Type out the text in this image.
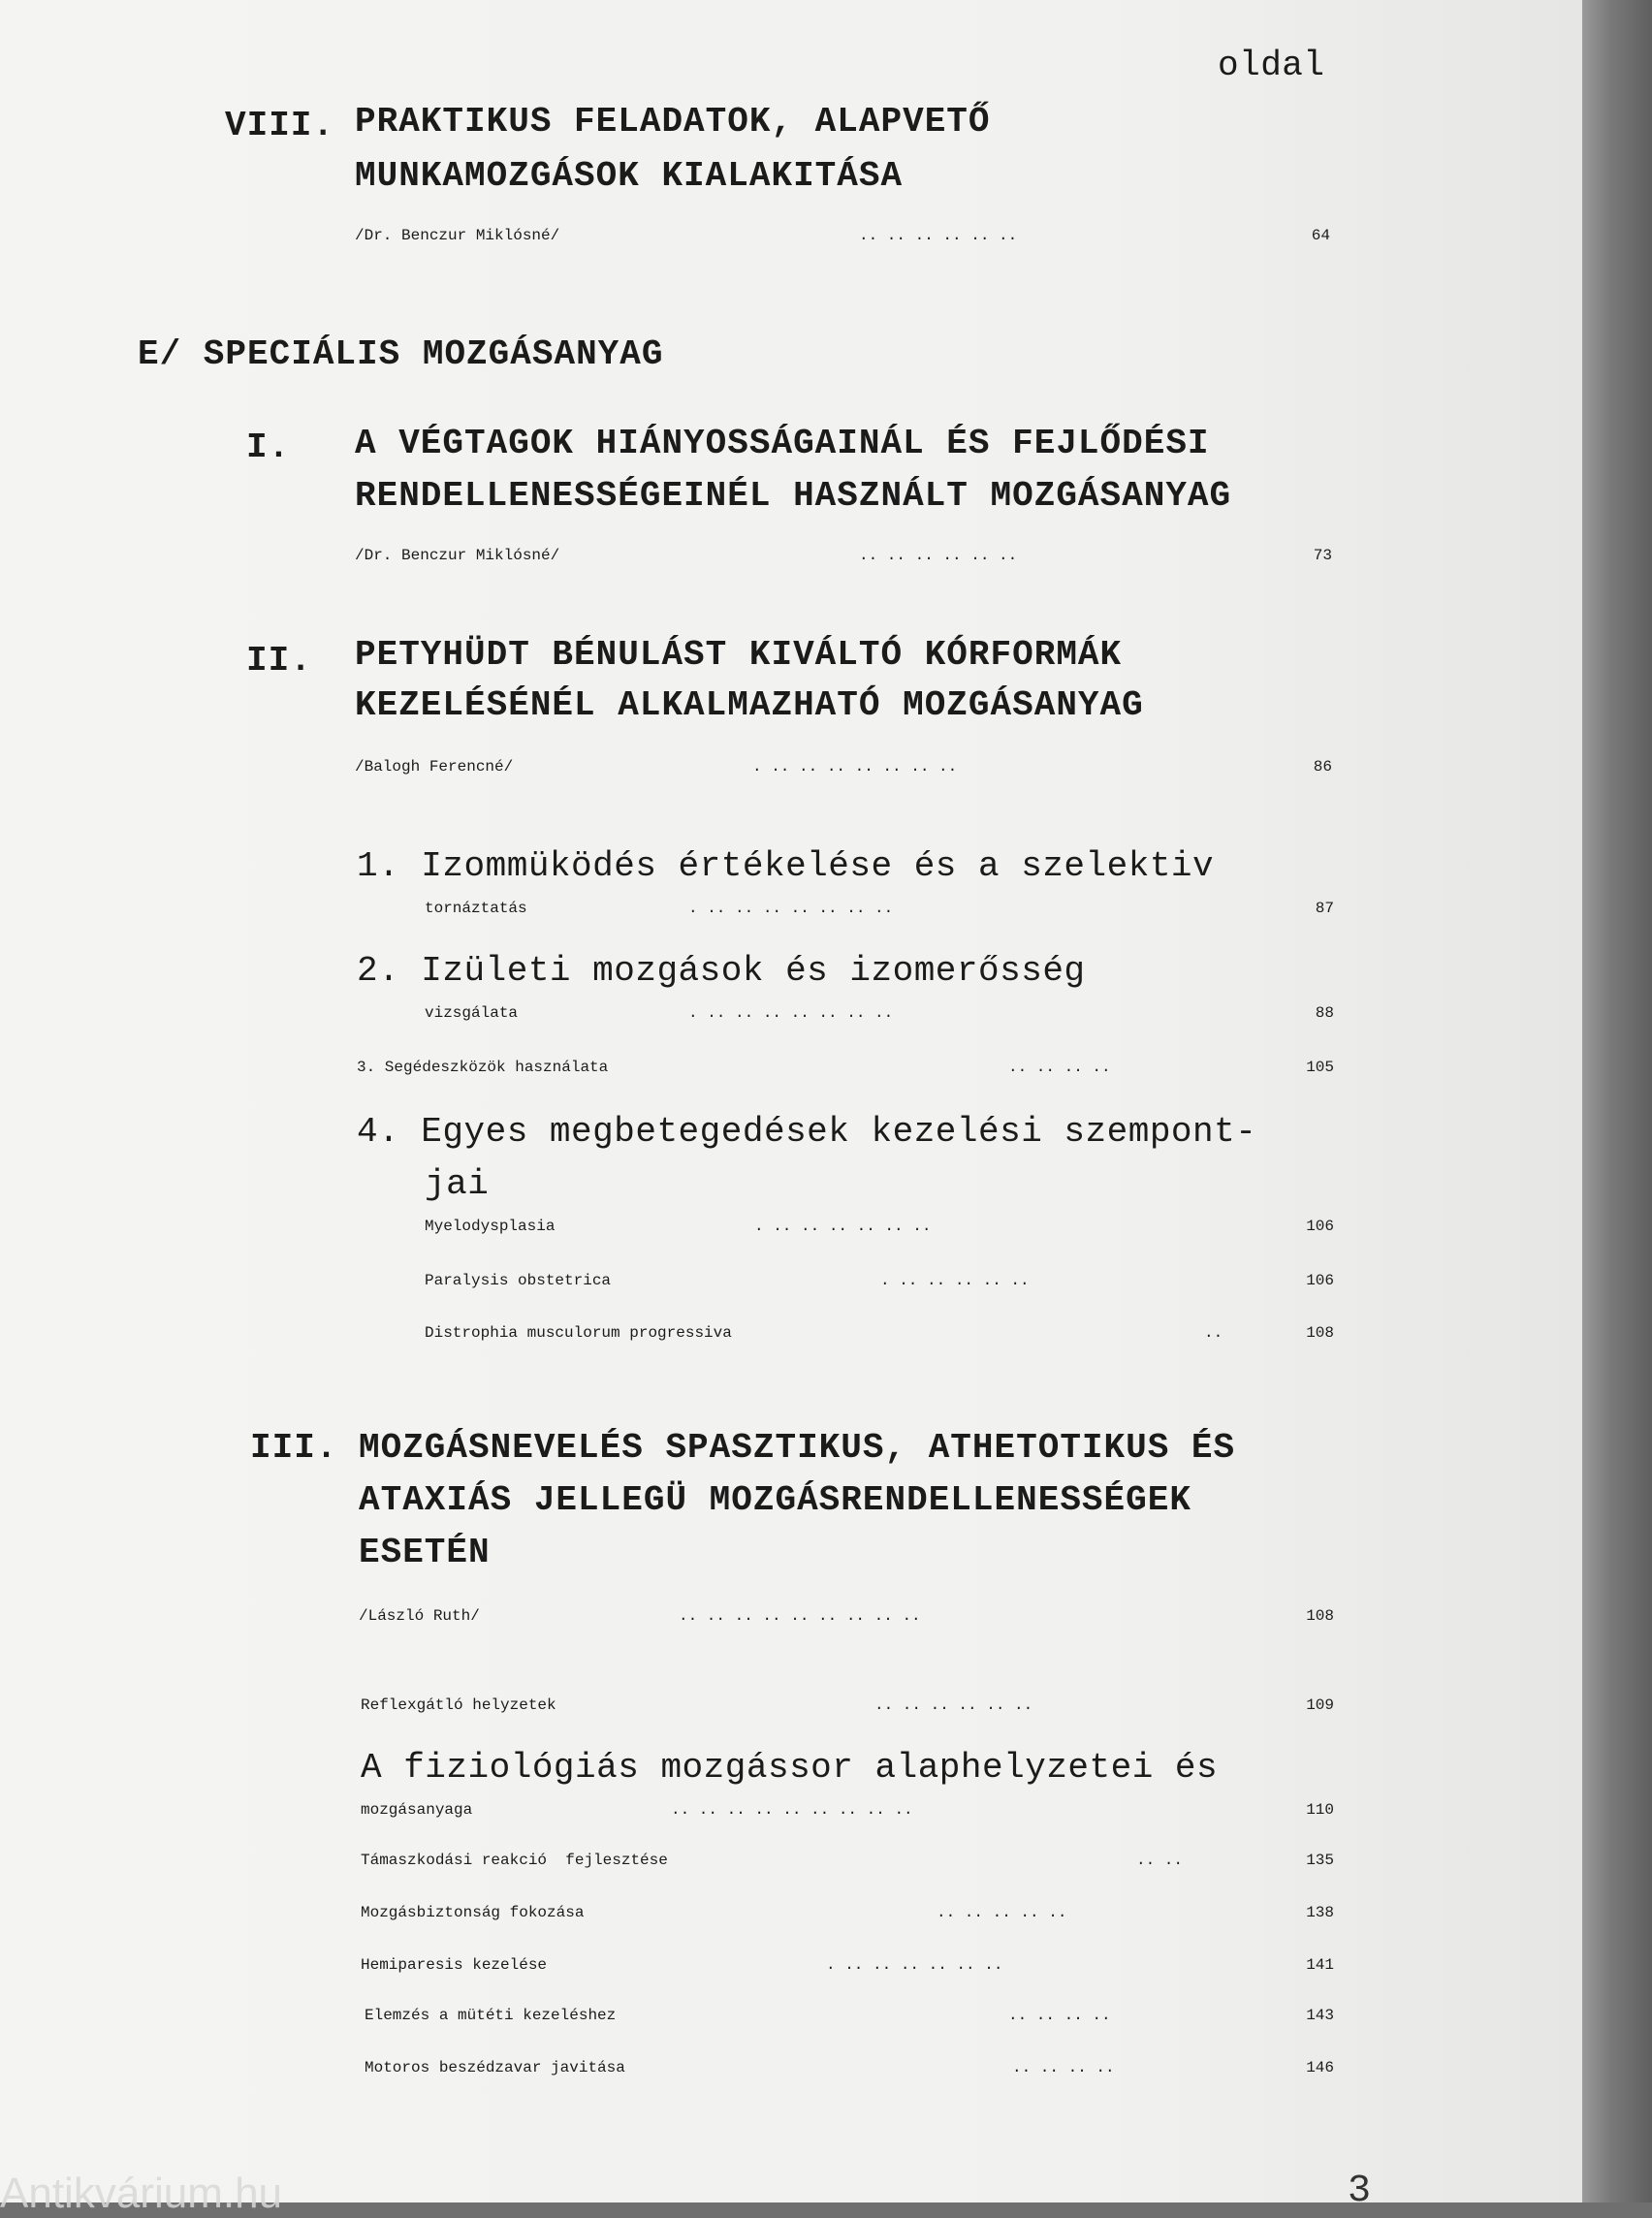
oldal
VIII. PRAKTIKUS FELADATOK, ALAPVETŐ
MUNKAMOZGÁSOK KIALAKITÁSA
/Dr. Benczur Miklósné/	.. .. .. .. .. ..	64
E/ SPECIÁLIS MOZGÁSANYAG
I. A VÉGTAGOK HIÁNYOSSÁGAINÁL ÉS FEJLŐDÉSI
RENDELLENESSÉGEINÉL HASZNÁLT MOZGÁSANYAG
/Dr. Benczur Miklósné/	.. .. .. .. .. ..	73
II. PETYHÜDT BÉNULÁST KIVÁLTÓ KÓRFORMÁK
KEZELÉSÉNÉL ALKALMAZHATÓ MOZGÁSANYAG
/Balogh Ferencné/	. .. .. .. .. .. .. ..	86
1. Izommüködés értékelése és a szelektiv
tornáztatás	. .. .. .. .. .. .. ..	87
2. Izületi mozgások és izomerősség
vizsgálata	. .. .. .. .. .. .. ..	88
3. Segédeszközök használata	.. .. .. ..	105
4. Egyes megbetegedések kezelési szempont-
jai
Myelodysplasia	. .. .. .. .. .. ..	106
Paralysis obstetrica	. .. .. .. .. ..	106
Distrophia musculorum progressiva	..	108
III. MOZGÁSNEVELÉS SPASZTIKUS, ATHETOTIKUS ÉS
ATAXIÁS JELLEGÜ MOZGÁSRENDELLENESSÉGEK
ESETÉN
/László Ruth/	.. .. .. .. .. .. .. .. ..	108
Reflexgátló helyzetek	.. .. .. .. .. ..	109
A fiziológiás mozgássor alaphelyzetei és
mozgásanyaga	.. .. .. .. .. .. .. .. ..	110
Támaszkodási reakció  fejlesztése	.. ..	135
Mozgásbiztonság fokozása	.. .. .. .. ..	138
Hemiparesis kezelése	. .. .. .. .. .. ..	141
Elemzés a mütéti kezeléshez	.. .. .. ..	143
Motoros beszédzavar javitása	.. .. .. ..	146
Antikvárium.hu	3
